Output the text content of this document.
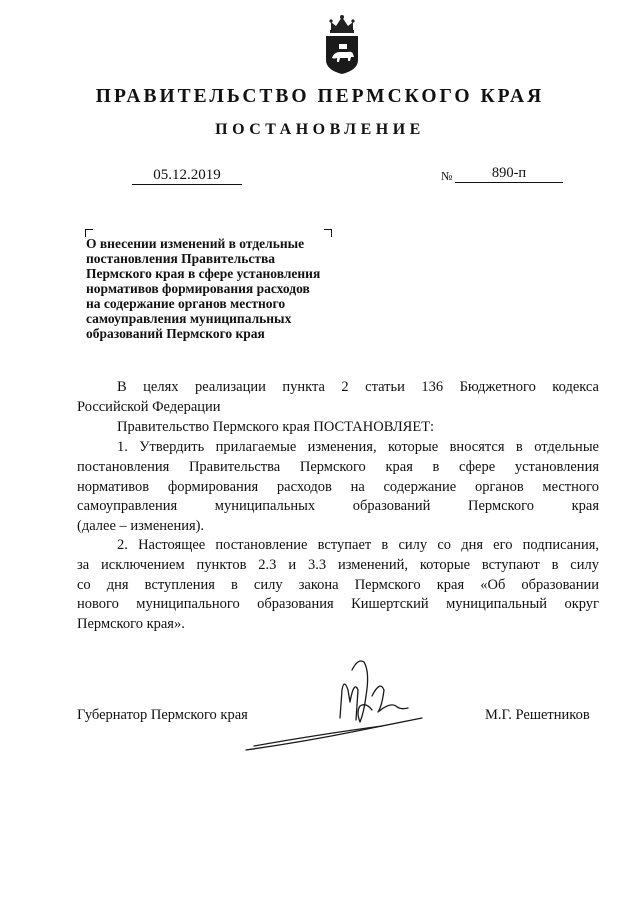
ПРАВИТЕЛЬСТВО ПЕРМСКОГО КРАЯ
ПОСТАНОВЛЕНИЕ
05.12.2019	№	890-п
О внесении изменений в отдельные
постановления Правительства
Пермского края в сфере установления
нормативов формирования расходов
на содержание органов местного
самоуправления муниципальных
образований Пермского края
В целях реализации пункта 2 статьи 136 Бюджетного кодекса
Российской Федерации
Правительство Пермского края ПОСТАНОВЛЯЕТ:
1. Утвердить прилагаемые изменения, которые вносятся в отдельные
постановления Правительства Пермского края в сфере установления
нормативов формирования расходов на содержание органов местного
самоуправления муниципальных образований Пермского края
(далее – изменения).
2. Настоящее постановление вступает в силу со дня его подписания,
за исключением пунктов 2.3 и 3.3 изменений, которые вступают в силу
со дня вступления в силу закона Пермского края «Об образовании
нового муниципального образования Кишертский муниципальный округ
Пермского края».
Губернатор Пермского края	М.Г. Решетников
